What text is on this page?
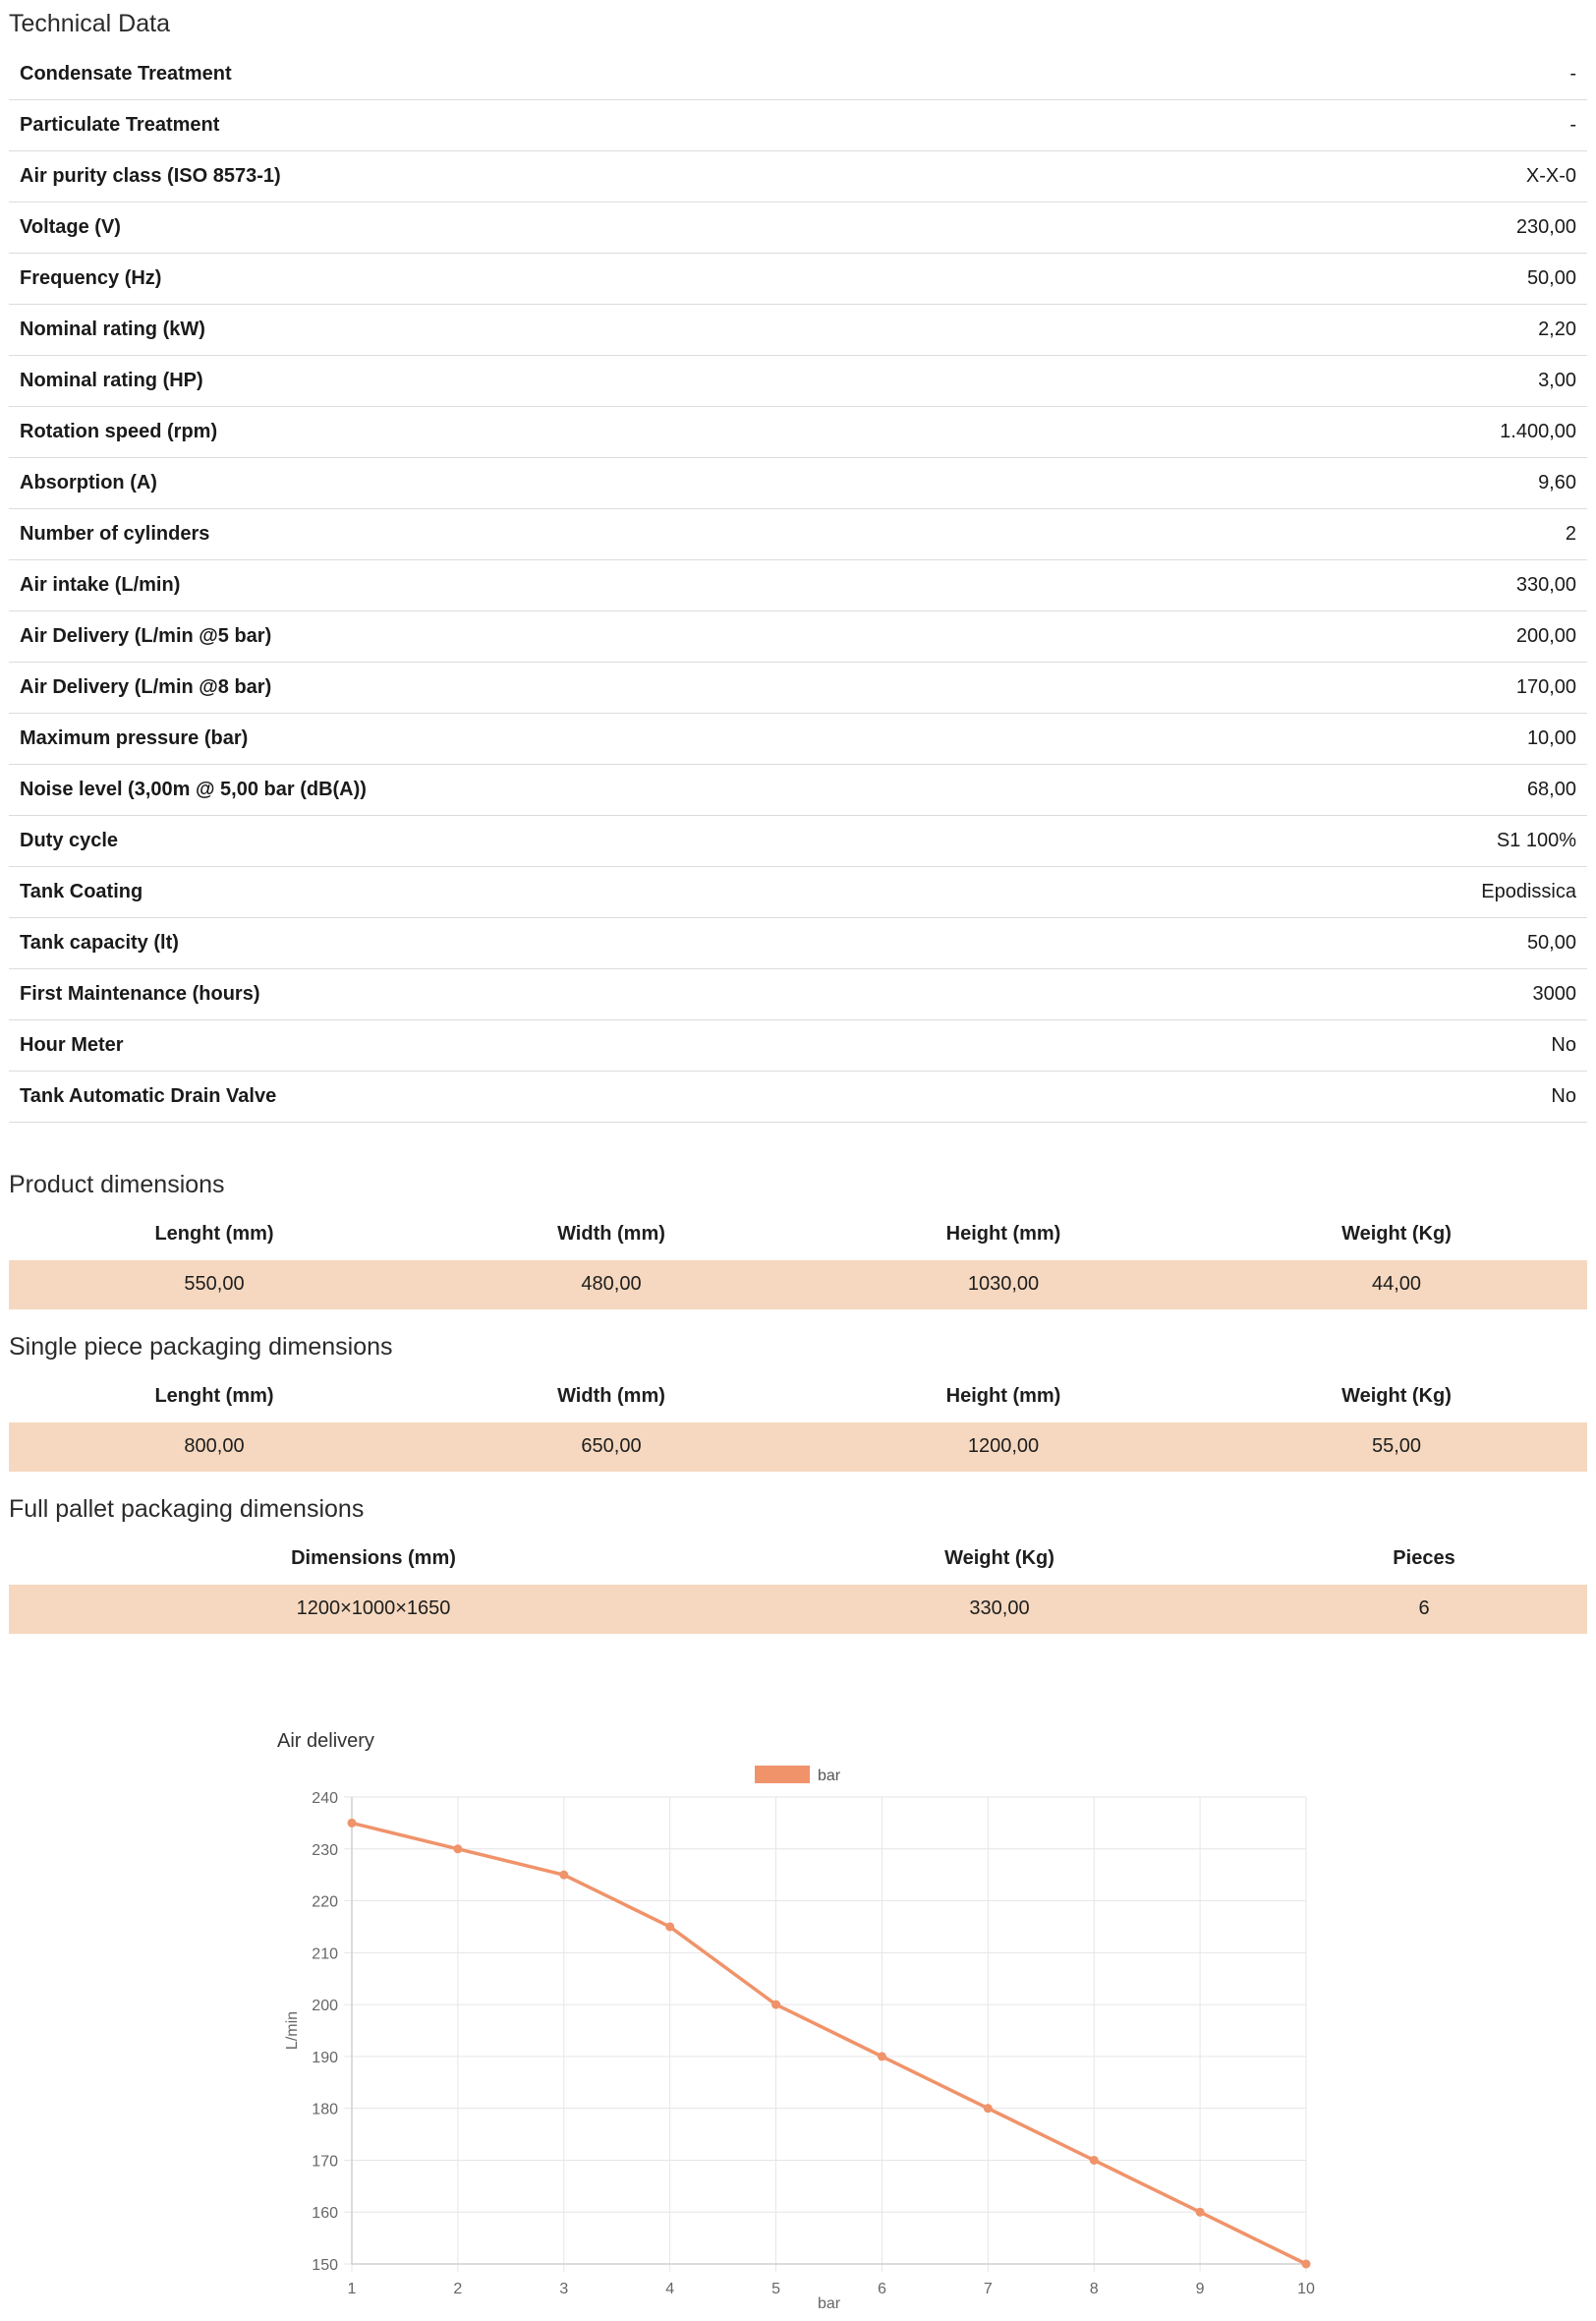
Technical Data
Condensate Treatment	-
Particulate Treatment	-
Air purity class (ISO 8573-1)	X-X-0
Voltage (V)	230,00
Frequency (Hz)	50,00
Nominal rating (kW)	2,20
Nominal rating (HP)	3,00
Rotation speed (rpm)	1.400,00
Absorption (A)	9,60
Number of cylinders	2
Air intake (L/min)	330,00
Air Delivery (L/min @5 bar)	200,00
Air Delivery (L/min @8 bar)	170,00
Maximum pressure (bar)	10,00
Noise level (3,00m @ 5,00 bar (dB(A))	68,00
Duty cycle	S1 100%
Tank Coating	Epodissica
Tank capacity (lt)	50,00
First Maintenance (hours)	3000
Hour Meter	No
Tank Automatic Drain Valve	No
Product dimensions
Lenght (mm)	Width (mm)	Height (mm)	Weight (Kg)
550,00	480,00	1030,00	44,00
Single piece packaging dimensions
Lenght (mm)	Width (mm)	Height (mm)	Weight (Kg)
800,00	650,00	1200,00	55,00
Full pallet packaging dimensions
Dimensions (mm)	Weight (Kg)	Pieces
1200×1000×1650	330,00	6
Air delivery
bar
150
160
170
180
190
200
210
220
230
240
1	2	3	4	5	6	7	8	9	10
L/min
bar
